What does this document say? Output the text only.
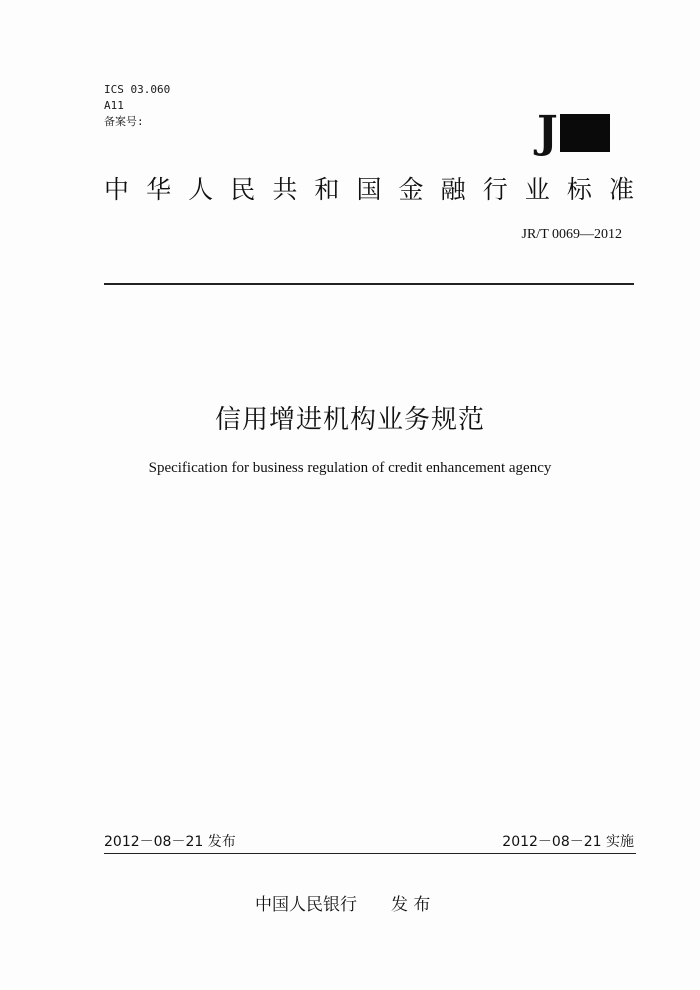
ICS 03.060
A11
备案号:	J
中 华 人 民 共 和 国 金 融 行 业 标 准
JR/T 0069—2012
信用增进机构业务规范
Specification for business regulation of credit enhancement agency
2012－08－21 发布	2012－08－21 实施
中国人民银行 发 布
